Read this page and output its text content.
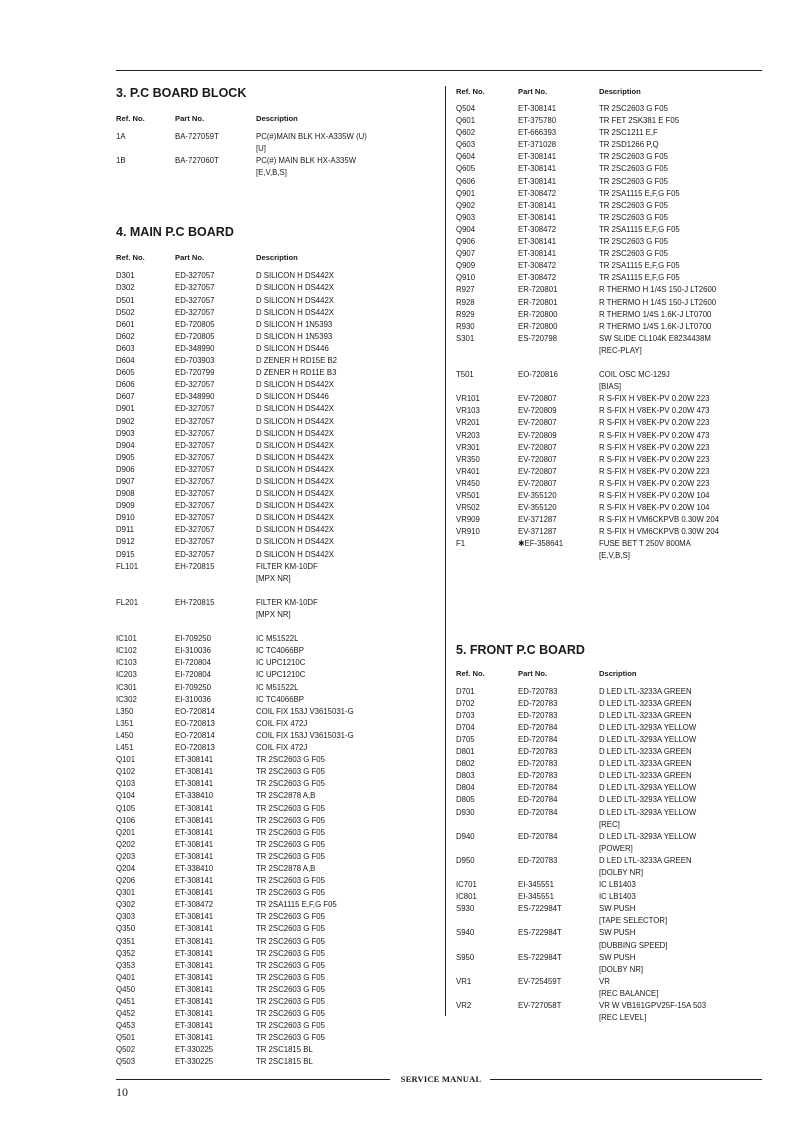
3. P.C BOARD BLOCK
Ref. No.	Part No.	Description
1A	BA-727059T	PC(#)MAIN BLK HX-A335W (U)
[U]
1B	BA-727060T	PC(#) MAIN BLK HX-A335W
[E,V,B,S]
4. MAIN P.C BOARD
Ref. No.	Part No.	Description
D301	ED-327057	D SILICON H DS442X
D302	ED-327057	D SILICON H DS442X
D501	ED-327057	D SILICON H DS442X
D502	ED-327057	D SILICON H DS442X
D601	ED-720805	D SILICON H 1N5393
D602	ED-720805	D SILICON H 1N5393
D603	ED-348990	D SILICON H DS446
D604	ED-703903	D ZENER H RD15E B2
D605	ED-720799	D ZENER H RD11E B3
D606	ED-327057	D SILICON H DS442X
D607	ED-348990	D SILICON H DS446
D901	ED-327057	D SILICON H DS442X
D902	ED-327057	D SILICON H DS442X
D903	ED-327057	D SILICON H DS442X
D904	ED-327057	D SILICON H DS442X
D905	ED-327057	D SILICON H DS442X
D906	ED-327057	D SILICON H DS442X
D907	ED-327057	D SILICON H DS442X
D908	ED-327057	D SILICON H DS442X
D909	ED-327057	D SILICON H DS442X
D910	ED-327057	D SILICON H DS442X
D911	ED-327057	D SILICON H DS442X
D912	ED-327057	D SILICON H DS442X
D915	ED-327057	D SILICON H DS442X
FL101	EH-720815	FILTER KM-10DF
[MPX NR]
FL201	EH-720815	FILTER KM-10DF
[MPX NR]
IC101	EI-709250	IC M51522L
IC102	EI-310036	IC TC4066BP
IC103	EI-720804	IC UPC1210C
IC203	EI-720804	IC UPC1210C
IC301	EI-709250	IC M51522L
IC302	EI-310036	IC TC4066BP
L350	EO-720814	COIL FIX 153J V3615031-G
L351	EO-720813	COIL FIX 472J
L450	EO-720814	COIL FIX 153J V3615031-G
L451	EO-720813	COIL FIX 472J
Q101	ET-308141	TR 2SC2603 G F05
Q102	ET-308141	TR 2SC2603 G F05
Q103	ET-308141	TR 2SC2603 G F05
Q104	ET-338410	TR 2SC2878 A,B
Q105	ET-308141	TR 2SC2603 G F05
Q106	ET-308141	TR 2SC2603 G F05
Q201	ET-308141	TR 2SC2603 G F05
Q202	ET-308141	TR 2SC2603 G F05
Q203	ET-308141	TR 2SC2603 G F05
Q204	ET-338410	TR 2SC2878 A,B
Q206	ET-308141	TR 2SC2603 G F05
Q301	ET-308141	TR 2SC2603 G F05
Q302	ET-308472	TR 2SA1115 E,F,G F05
Q303	ET-308141	TR 2SC2603 G F05
Q350	ET-308141	TR 2SC2603 G F05
Q351	ET-308141	TR 2SC2603 G F05
Q352	ET-308141	TR 2SC2603 G F05
Q353	ET-308141	TR 2SC2603 G F05
Q401	ET-308141	TR 2SC2603 G F05
Q450	ET-308141	TR 2SC2603 G F05
Q451	ET-308141	TR 2SC2603 G F05
Q452	ET-308141	TR 2SC2603 G F05
Q453	ET-308141	TR 2SC2603 G F05
Q501	ET-308141	TR 2SC2603 G F05
Q502	ET-330225	TR 2SC1815 BL
Q503	ET-330225	TR 2SC1815 BL
Ref. No.	Part No.	Description
Q504	ET-308141	TR 2SC2603 G F05
Q601	ET-375780	TR FET 2SK381 E F05
Q602	ET-666393	TR 2SC1211 E,F
Q603	ET-371028	TR 2SD1266 P,Q
Q604	ET-308141	TR 2SC2603 G F05
Q605	ET-308141	TR 2SC2603 G F05
Q606	ET-308141	TR 2SC2603 G F05
Q901	ET-308472	TR 2SA1115 E,F,G F05
Q902	ET-308141	TR 2SC2603 G F05
Q903	ET-308141	TR 2SC2603 G F05
Q904	ET-308472	TR 2SA1115 E,F,G F05
Q906	ET-308141	TR 2SC2603 G F05
Q907	ET-308141	TR 2SC2603 G F05
Q909	ET-308472	TR 2SA1115 E,F,G F05
Q910	ET-308472	TR 2SA1115 E,F,G F05
R927	ER-720801	R THERMO H 1/4S 150-J LT2600
R928	ER-720801	R THERMO H 1/4S 150-J LT2600
R929	ER-720800	R THERMO 1/4S 1.6K-J LT0700
R930	ER-720800	R THERMO 1/4S 1.6K-J LT0700
S301	ES-720798	SW SLIDE CL104K E8234438M
[REC-PLAY]
T501	EO-720816	COIL OSC MC-129J
[BIAS]
VR101	EV-720807	R S-FIX H V8EK-PV 0.20W 223
VR103	EV-720809	R S-FIX H V8EK-PV 0.20W 473
VR201	EV-720807	R S-FIX H V8EK-PV 0.20W 223
VR203	EV-720809	R S-FIX H V8EK-PV 0.20W 473
VR301	EV-720807	R S-FIX H V8EK-PV 0.20W 223
VR350	EV-720807	R S-FIX H V8EK-PV 0.20W 223
VR401	EV-720807	R S-FIX H V8EK-PV 0.20W 223
VR450	EV-720807	R S-FIX H V8EK-PV 0.20W 223
VR501	EV-355120	R S-FIX H V8EK-PV 0.20W 104
VR502	EV-355120	R S-FIX H V8EK-PV 0.20W 104
VR909	EV-371287	R S-FIX H VM6CKPVB 0.30W 204
VR910	EV-371287	R S-FIX H VM6CKPVB 0.30W 204
F1	✱EF-358641	FUSE BET T 250V 800MA
[E,V,B,S]
5. FRONT P.C BOARD
Ref. No.	Part No.	Dscription
D701	ED-720783	D LED LTL-3233A GREEN
D702	ED-720783	D LED LTL-3233A GREEN
D703	ED-720783	D LED LTL-3233A GREEN
D704	ED-720784	D LED LTL-3293A YELLOW
D705	ED-720784	D LED LTL-3293A YELLOW
D801	ED-720783	D LED LTL-3233A GREEN
D802	ED-720783	D LED LTL-3233A GREEN
D803	ED-720783	D LED LTL-3233A GREEN
D804	ED-720784	D LED LTL-3293A YELLOW
D805	ED-720784	D LED LTL-3293A YELLOW
D930	ED-720784	D LED LTL-3293A YELLOW
[REC]
D940	ED-720784	D LED LTL-3293A YELLOW
[POWER]
D950	ED-720783	D LED LTL-3233A GREEN
[DOLBY NR]
IC701	EI-345551	IC LB1403
IC801	EI-345551	IC LB1403
S930	ES-722984T	SW PUSH
[TAPE SELECTOR]
S940	ES-722984T	SW PUSH
[DUBBING SPEED]
S950	ES-722984T	SW PUSH
[DOLBY NR]
VR1	EV-725459T	VR
[REC BALANCE]
VR2	EV-727058T	VR W VB161GPV25F-15A 503
[REC LEVEL]
SERVICE MANUAL
10
